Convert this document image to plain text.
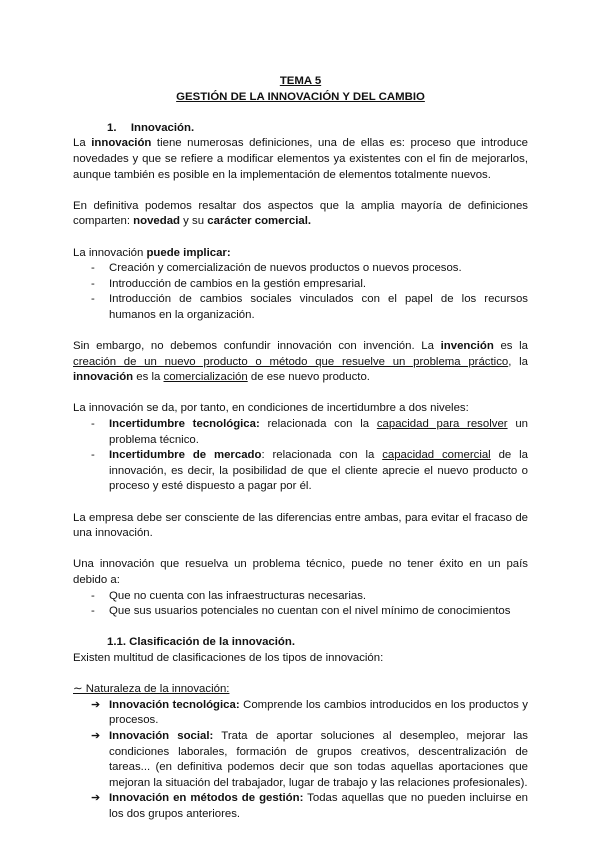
TEMA 5
GESTIÓN DE LA INNOVACIÓN Y DEL CAMBIO

1. Innovación.

La innovación tiene numerosas definiciones, una de ellas es: proceso que introduce novedades y que se refiere a modificar elementos ya existentes con el fin de mejorarlos, aunque también es posible en la implementación de elementos totalmente nuevos.

En definitiva podemos resaltar dos aspectos que la amplia mayoría de definiciones comparten: novedad y su carácter comercial.

La innovación puede implicar:

- Creación y comercialización de nuevos productos o nuevos procesos.
- Introducción de cambios en la gestión empresarial.
- Introducción de cambios sociales vinculados con el papel de los recursos humanos en la organización.

Sin embargo, no debemos confundir innovación con invención. La invención es la creación de un nuevo producto o método que resuelve un problema práctico, la innovación es la comercialización de ese nuevo producto.

La innovación se da, por tanto, en condiciones de incertidumbre a dos niveles:

- Incertidumbre tecnológica: relacionada con la capacidad para resolver un problema técnico.
- Incertidumbre de mercado: relacionada con la capacidad comercial de la innovación, es decir, la posibilidad de que el cliente aprecie el nuevo producto o proceso y esté dispuesto a pagar por él.

La empresa debe ser consciente de las diferencias entre ambas, para evitar el fracaso de una innovación.

Una innovación que resuelva un problema técnico, puede no tener éxito en un país debido a:

- Que no cuenta con las infraestructuras necesarias.
- Que sus usuarios potenciales no cuentan con el nivel mínimo de conocimientos

1.1. Clasificación de la innovación.

Existen multitud de clasificaciones de los tipos de innovación:

∼ Naturaleza de la innovación:

➔ Innovación tecnológica: Comprende los cambios introducidos en los productos y procesos.
➔ Innovación social: Trata de aportar soluciones al desempleo, mejorar las condiciones laborales, formación de grupos creativos, descentralización de tareas... (en definitiva podemos decir que son todas aquellas aportaciones que mejoran la situación del trabajador, lugar de trabajo y las relaciones profesionales).
➔ Innovación en métodos de gestión: Todas aquellas que no pueden incluirse en los dos grupos anteriores.
